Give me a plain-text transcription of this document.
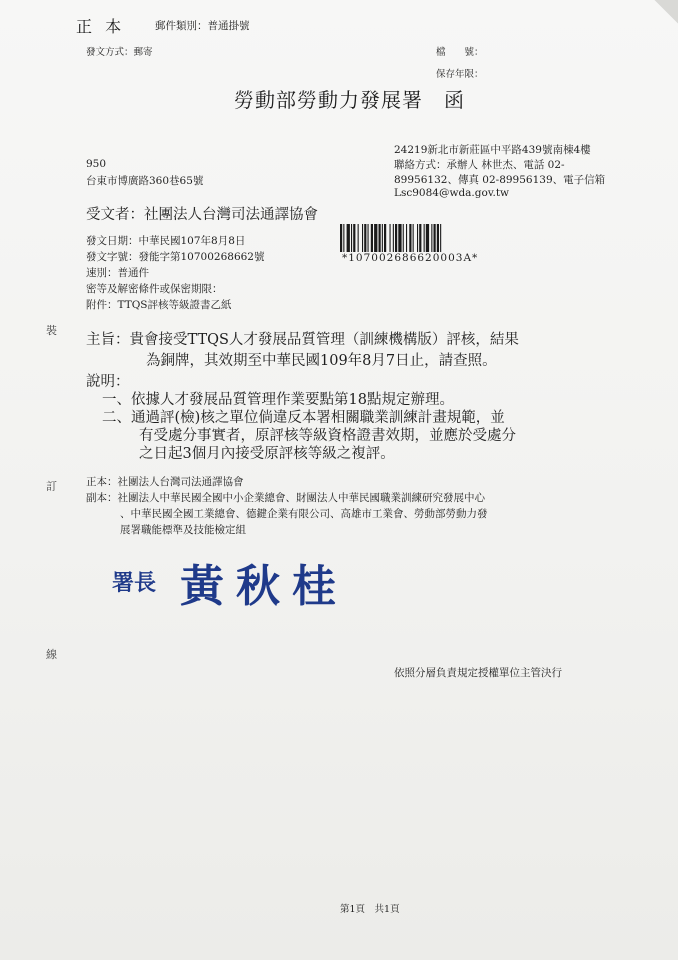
正 本	郵件類別：普通掛號
發文方式：郵寄	檔　　號：
保存年限：
勞動部勞動力發展署　函
950
台東市博廣路360巷65號
24219新北市新莊區中平路439號南棟4樓
聯絡方式：承辦人 林世杰、電話 02-
89956132、傳真 02-89956139、電子信箱
Lsc9084@wda.gov.tw
受文者：社團法人台灣司法通譯協會
發文日期：中華民國107年8月8日
發文字號：發能字第10700268662號
速別：普通件
密等及解密條件或保密期限：
附件：TTQS評核等級證書乙紙
*107002686620003A*
主旨：貴會接受TTQS人才發展品質管理（訓練機構版）評核，結果
為銅牌，其效期至中華民國109年8月7日止，請查照。
說明：
一、依據人才發展品質管理作業要點第18點規定辦理。
二、通過評(檢)核之單位倘違反本署相關職業訓練計畫規範，並
有受處分事實者，原評核等級資格證書效期，並應於受處分
之日起3個月內接受原評核等級之複評。
正本：社團法人台灣司法通譯協會
副本：社團法人中華民國全國中小企業總會、財團法人中華民國職業訓練研究發展中心
、中華民國全國工業總會、德鍵企業有限公司、高雄市工業會、勞動部勞動力發
展署職能標準及技能檢定組
署長 黃秋桂
依照分層負責規定授權單位主管決行
裝
訂
線
第1頁　共1頁
